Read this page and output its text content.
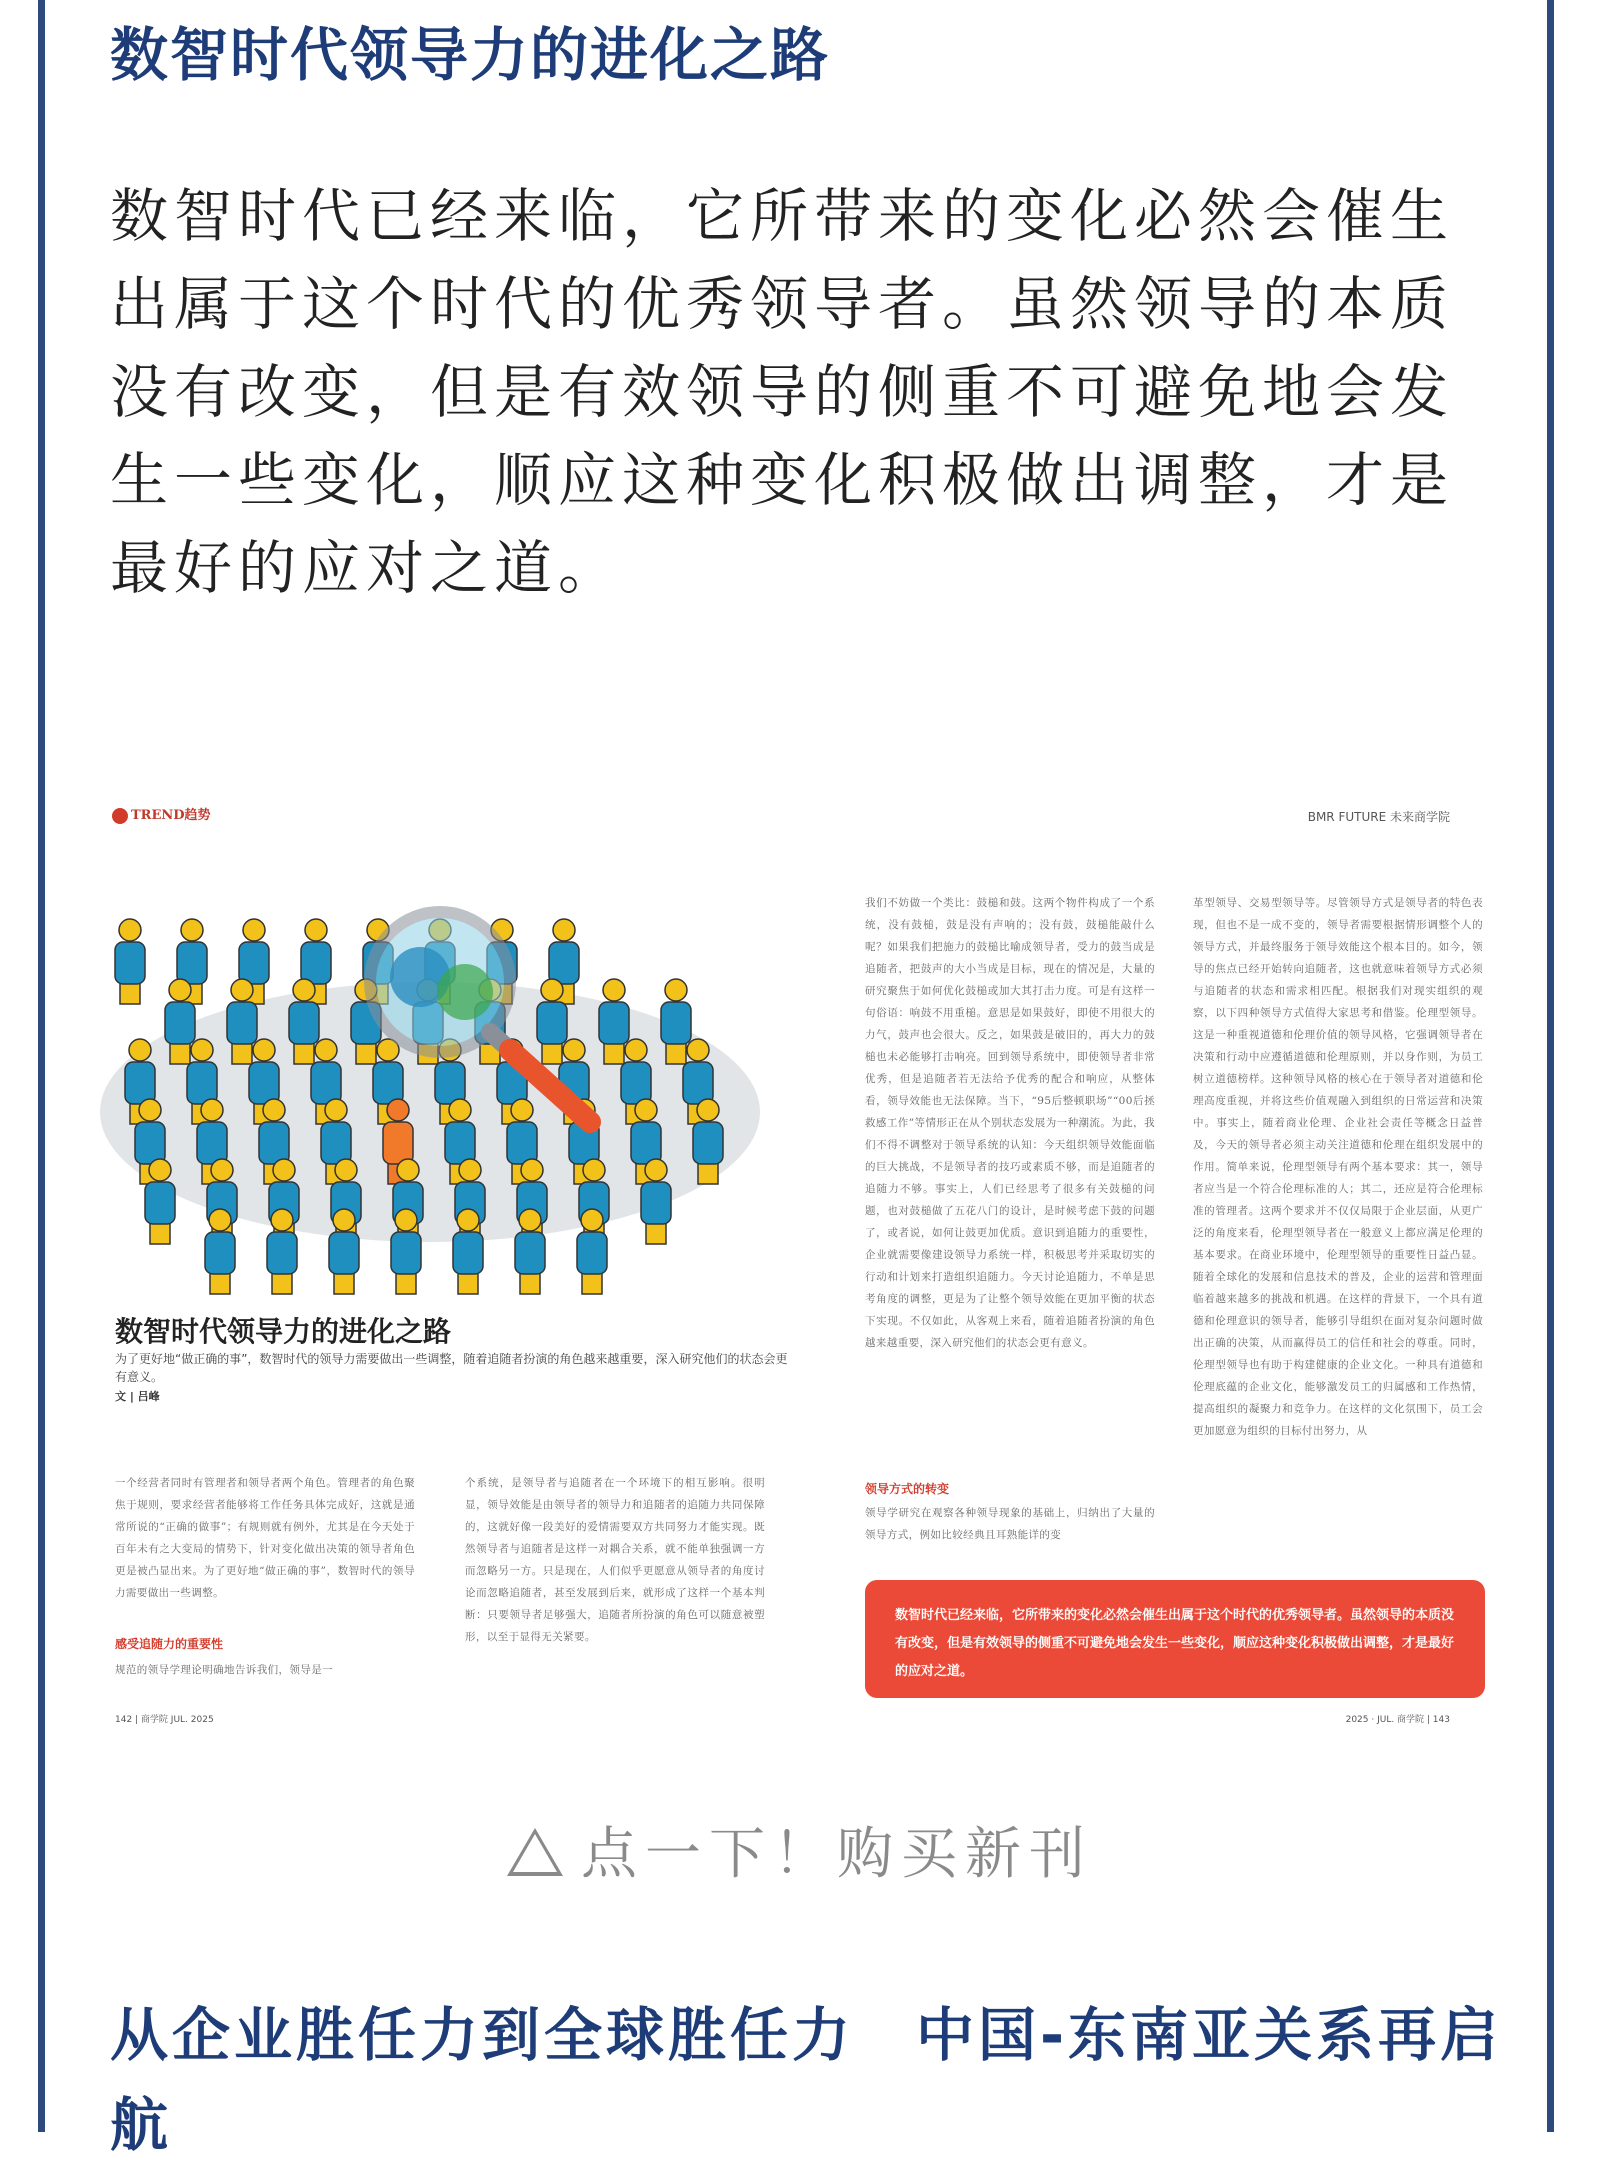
数智时代领导力的进化之路

数智时代已经来临，它所带来的变化必然会催生出属于这个时代的优秀领导者。虽然领导的本质没有改变，但是有效领导的侧重不可避免地会发生一些变化，顺应这种变化积极做出调整，才是最好的应对之道。

TREND趋势	BMR FUTURE 未来商学院
数智时代领导力的进化之路

为了更好地“做正确的事”，数智时代的领导力需要做出一些调整，随着追随者扮演的角色越来越重要，深入研究他们的状态会更有意义。

文 | 吕峰

一个经营者同时有管理者和领导者两个角色。管理者的角色聚焦于规则，要求经营者能够将工作任务具体完成好，这就是通常所说的“正确的做事”；有规则就有例外，尤其是在今天处于百年未有之大变局的情势下，针对变化做出决策的领导者角色更是被凸显出来。为了更好地“做正确的事”，数智时代的领导力需要做出一些调整。

感受追随力的重要性

规范的领导学理论明确地告诉我们，领导是一

个系统，是领导者与追随者在一个环境下的相互影响。很明显，领导效能是由领导者的领导力和追随者的追随力共同保障的，这就好像一段美好的爱情需要双方共同努力才能实现。既然领导者与追随者是这样一对耦合关系，就不能单独强调一方而忽略另一方。只是现在，人们似乎更愿意从领导者的角度讨论而忽略追随者，甚至发展到后来，就形成了这样一个基本判断：只要领导者足够强大，追随者所扮演的角色可以随意被塑形，以至于显得无关紧要。

我们不妨做一个类比：鼓槌和鼓。这两个物件构成了一个系统，没有鼓槌，鼓是没有声响的；没有鼓，鼓槌能敲什么呢？如果我们把施力的鼓槌比喻成领导者，受力的鼓当成是追随者，把鼓声的大小当成是目标，现在的情况是，大量的研究聚焦于如何优化鼓槌或加大其打击力度。可是有这样一句俗语：响鼓不用重槌。意思是如果鼓好，即使不用很大的力气，鼓声也会很大。反之，如果鼓是破旧的，再大力的鼓槌也未必能够打击响亮。回到领导系统中，即使领导者非常优秀，但是追随者若无法给予优秀的配合和响应，从整体看，领导效能也无法保障。当下，“95后整顿职场”“00后拯救感工作”等情形正在从个别状态发展为一种潮流。为此，我们不得不调整对于领导系统的认知：今天组织领导效能面临的巨大挑战，不是领导者的技巧或素质不够，而是追随者的追随力不够。事实上，人们已经思考了很多有关鼓槌的问题，也对鼓槌做了五花八门的设计，是时候考虑下鼓的问题了，或者说，如何让鼓更加优质。意识到追随力的重要性，企业就需要像建设领导力系统一样，积极思考并采取切实的行动和计划来打造组织追随力。今天讨论追随力，不单是思考角度的调整，更是为了让整个领导效能在更加平衡的状态下实现。不仅如此，从客观上来看，随着追随者扮演的角色越来越重要，深入研究他们的状态会更有意义。

领导方式的转变

领导学研究在观察各种领导现象的基础上，归纳出了大量的领导方式，例如比较经典且耳熟能详的变

革型领导、交易型领导等。尽管领导方式是领导者的特色表现，但也不是一成不变的，领导者需要根据情形调整个人的领导方式，并最终服务于领导效能这个根本目的。如今，领导的焦点已经开始转向追随者，这也就意味着领导方式必须与追随者的状态和需求相匹配。根据我们对现实组织的观察，以下四种领导方式值得大家思考和借鉴。伦理型领导。这是一种重视道德和伦理价值的领导风格，它强调领导者在决策和行动中应遵循道德和伦理原则，并以身作则，为员工树立道德榜样。这种领导风格的核心在于领导者对道德和伦理高度重视，并将这些价值观融入到组织的日常运营和决策中。事实上，随着商业伦理、企业社会责任等概念日益普及，今天的领导者必须主动关注道德和伦理在组织发展中的作用。简单来说，伦理型领导有两个基本要求：其一，领导者应当是一个符合伦理标准的人；其二，还应是符合伦理标准的管理者。这两个要求并不仅仅局限于企业层面，从更广泛的角度来看，伦理型领导者在一般意义上都应满足伦理的基本要求。在商业环境中，伦理型领导的重要性日益凸显。随着全球化的发展和信息技术的普及，企业的运营和管理面临着越来越多的挑战和机遇。在这样的背景下，一个具有道德和伦理意识的领导者，能够引导组织在面对复杂问题时做出正确的决策，从而赢得员工的信任和社会的尊重。同时，伦理型领导也有助于构建健康的企业文化。一种具有道德和伦理底蕴的企业文化，能够激发员工的归属感和工作热情，提高组织的凝聚力和竞争力。在这样的文化氛围下，员工会更加愿意为组织的目标付出努力，从

数智时代已经来临，它所带来的变化必然会催生出属于这个时代的优秀领导者。虽然领导的本质没有改变，但是有效领导的侧重不可避免地会发生一些变化，顺应这种变化积极做出调整，才是最好的应对之道。
142 | 商学院 JUL. 2025	2025 · JUL. 商学院 | 143
点一下！购买新刊
从企业胜任力到全球胜任力　中国-东南亚关系再启航
